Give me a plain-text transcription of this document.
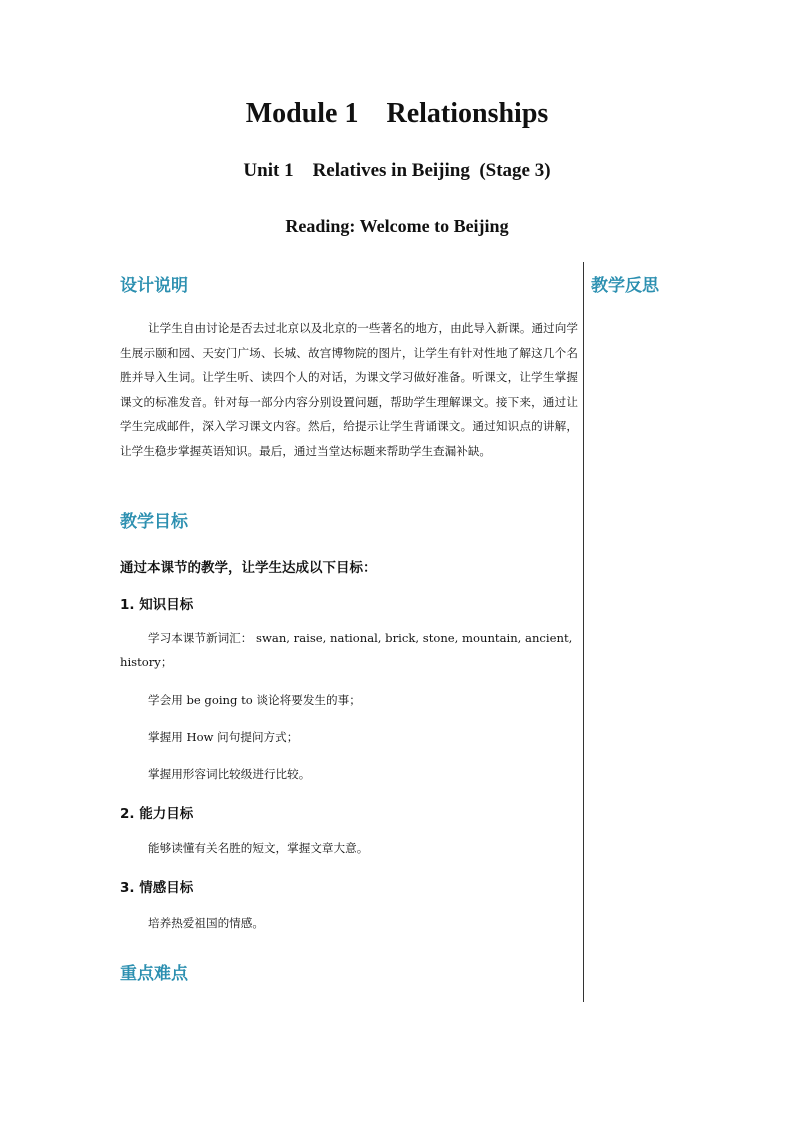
Module 1    Relationships
Unit 1    Relatives in Beijing  (Stage 3)
Reading: Welcome to Beijing
教学反思
设计说明

让学生自由讨论是否去过北京以及北京的一些著名的地方，由此导入新课。通过向学生展示颐和园、天安门广场、长城、故宫博物院的图片，让学生有针对性地了解这几个名胜并导入生词。让学生听、读四个人的对话，为课文学习做好准备。听课文，让学生掌握课文的标准发音。针对每一部分内容分别设置问题，帮助学生理解课文。接下来，通过让学生完成邮件，深入学习课文内容。然后，给提示让学生背诵课文。通过知识点的讲解，让学生稳步掌握英语知识。最后，通过当堂达标题来帮助学生查漏补缺。

教学目标
通过本课节的教学，让学生达成以下目标：
1. 知识目标

学习本课节新词汇： swan, raise, national, brick, stone, mountain, ancient, history；

学会用 be going to 谈论将要发生的事；

掌握用 How 问句提问方式；

掌握用形容词比较级进行比较。

2. 能力目标

能够读懂有关名胜的短文，掌握文章大意。

3. 情感目标

培养热爱祖国的情感。

重点难点
